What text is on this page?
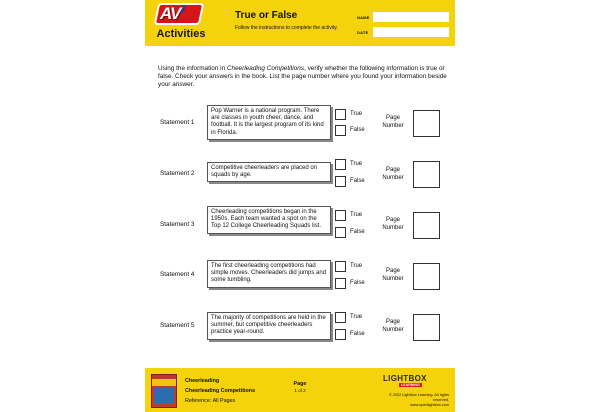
$AV^2$
Activities
True or False
Follow the instructions to complete the activity.
NAME
DATE
Using the information in Cheerleading Competitions, verify whether the following information is true or false. Check your answers in the book. List the page number where you found your information beside your answer.
Statement 1
Pop Warner is a national program. There are classes in youth cheer, dance, and football. It is the largest program of its kind in Florida.
True
False
Page
Number
Statement 2
Competitive cheerleaders are placed on squads by age.
True
False
Page
Number
Statement 3
Cheerleading competitions began in the 1950s. Each team wanted a spot on the Top 12 College Cheerleading Squads list.
True
False
Page
Number
Statement 4
The first cheerleading competitions had simple moves. Cheerleaders did jumps and some tumbling.
True
False
Page
Number
Statement 5
The majority of competitions are held in the summer, but competitive cheerleaders practice year-round.
True
False
Page
Number
Cheerleading
Cheerleading Competitions
Reference: All Pages
Page
1 of 2
LIGHTBOX
LEARNING
© 2022 Lightbox Learning. All rights reserved.
www.openlightbox.com
